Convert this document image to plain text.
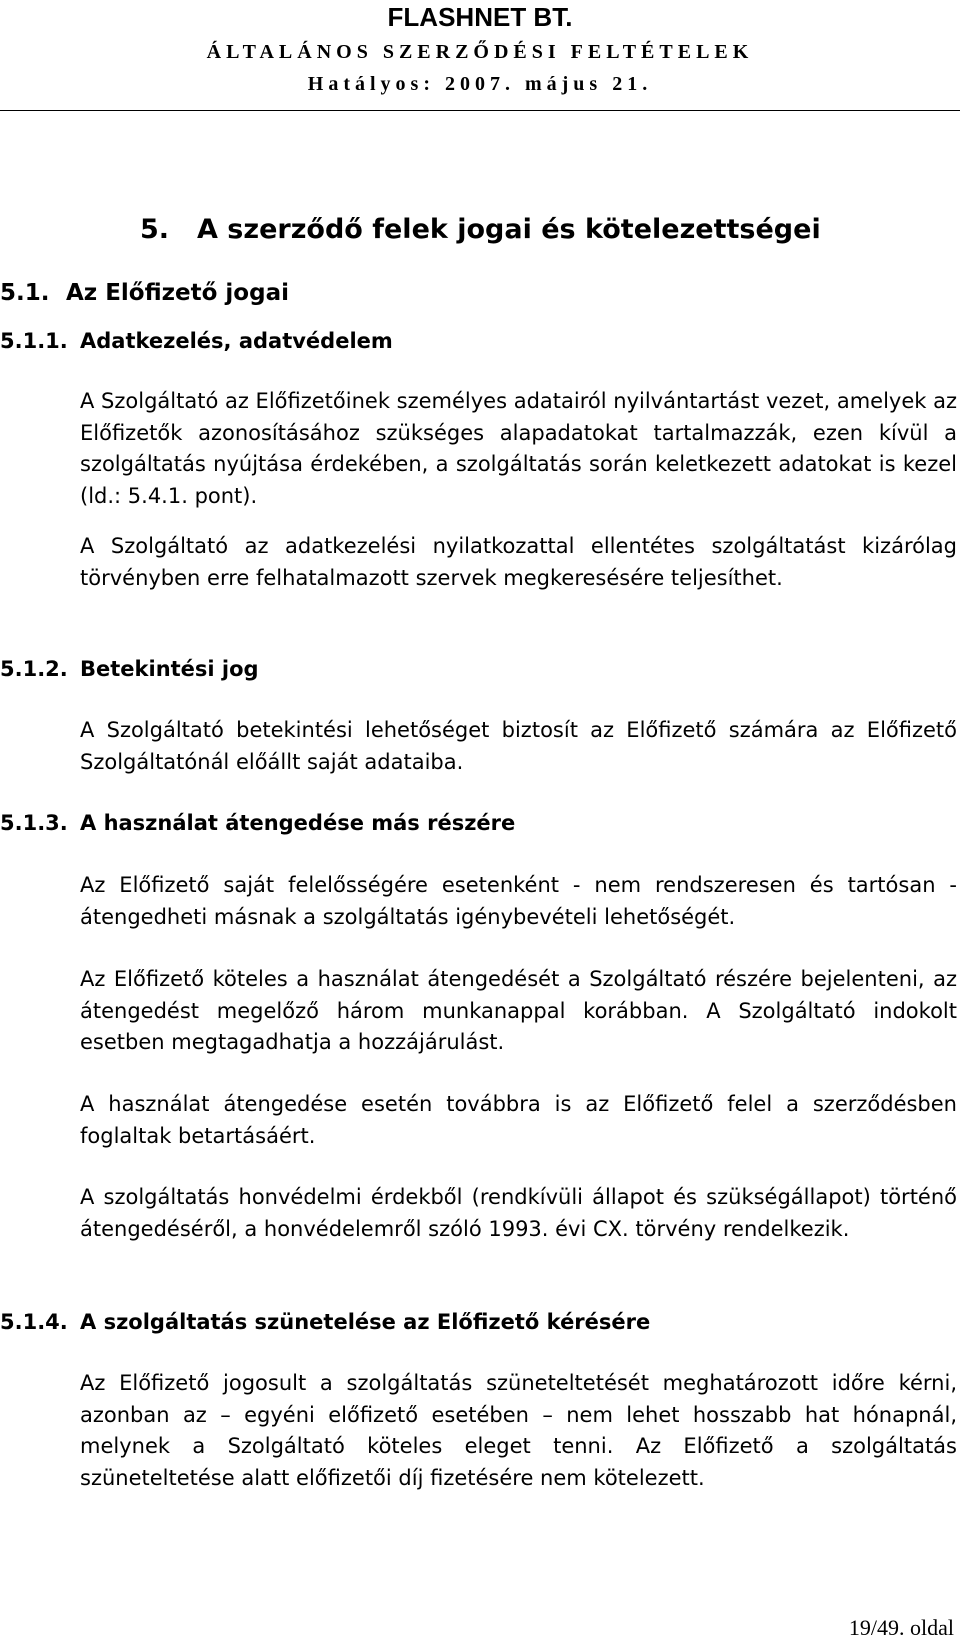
FLASHNET BT.
ÁLTALÁNOS SZERZŐDÉSI FELTÉTELEK
Hatályos: 2007. május 21.
5. A szerződő felek jogai és kötelezettségei
5.1. Az Előfizető jogai
5.1.1. Adatkezelés, adatvédelem

A Szolgáltató az Előfizetőinek személyes adatairól nyilvántartást vezet, amelyek az Előfizetők azonosításához szükséges alapadatokat tartalmazzák, ezen kívül a szolgáltatás nyújtása érdekében, a szolgáltatás során keletkezett adatokat is kezel (ld.: 5.4.1. pont).

A Szolgáltató az adatkezelési nyilatkozattal ellentétes szolgáltatást kizárólag törvényben erre felhatalmazott szervek megkeresésére teljesíthet.

5.1.2. Betekintési jog

A Szolgáltató betekintési lehetőséget biztosít az Előfizető számára az Előfizető Szolgáltatónál előállt saját adataiba.

5.1.3. A használat átengedése más részére

Az Előfizető saját felelősségére esetenként - nem rendszeresen és tartósan - átengedheti másnak a szolgáltatás igénybevételi lehetőségét.

Az Előfizető köteles a használat átengedését a Szolgáltató részére bejelenteni, az átengedést megelőző három munkanappal korábban. A Szolgáltató indokolt esetben megtagadhatja a hozzájárulást.

A használat átengedése esetén továbbra is az Előfizető felel a szerződésben foglaltak betartásáért.

A szolgáltatás honvédelmi érdekből (rendkívüli állapot és szükségállapot) történő átengedéséről, a honvédelemről szóló 1993. évi CX. törvény rendelkezik.

5.1.4. A szolgáltatás szünetelése az Előfizető kérésére

Az Előfizető jogosult a szolgáltatás szüneteltetését meghatározott időre kérni, azonban az – egyéni előfizető esetében – nem lehet hosszabb hat hónapnál, melynek a Szolgáltató köteles eleget tenni. Az Előfizető a szolgáltatás szüneteltetése alatt előfizetői díj fizetésére nem kötelezett.

19/49. oldal
